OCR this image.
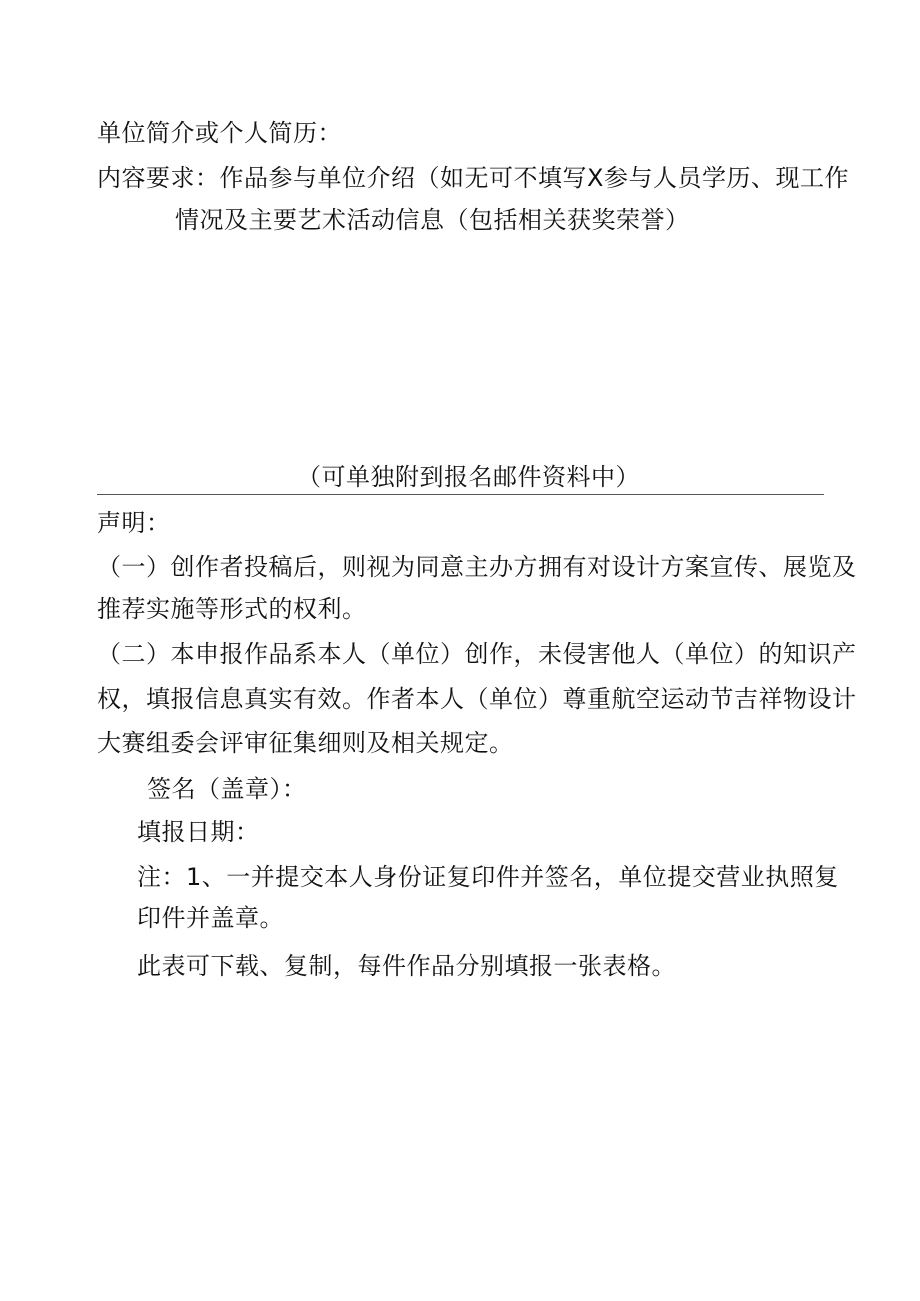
单位简介或个人简历：
内容要求：作品参与单位介绍（如无可不填写X参与人员学历、现工作
情况及主要艺术活动信息（包括相关获奖荣誉）
（可单独附到报名邮件资料中）
声明：
（一）创作者投稿后，则视为同意主办方拥有对设计方案宣传、展览及
推荐实施等形式的权利。
（二）本申报作品系本人（单位）创作，未侵害他人（单位）的知识产
权，填报信息真实有效。作者本人（单位）尊重航空运动节吉祥物设计
大赛组委会评审征集细则及相关规定。
签名（盖章）：
填报日期：
注：1、一并提交本人身份证复印件并签名，单位提交营业执照复
印件并盖章。
此表可下载、复制，每件作品分别填报一张表格。
